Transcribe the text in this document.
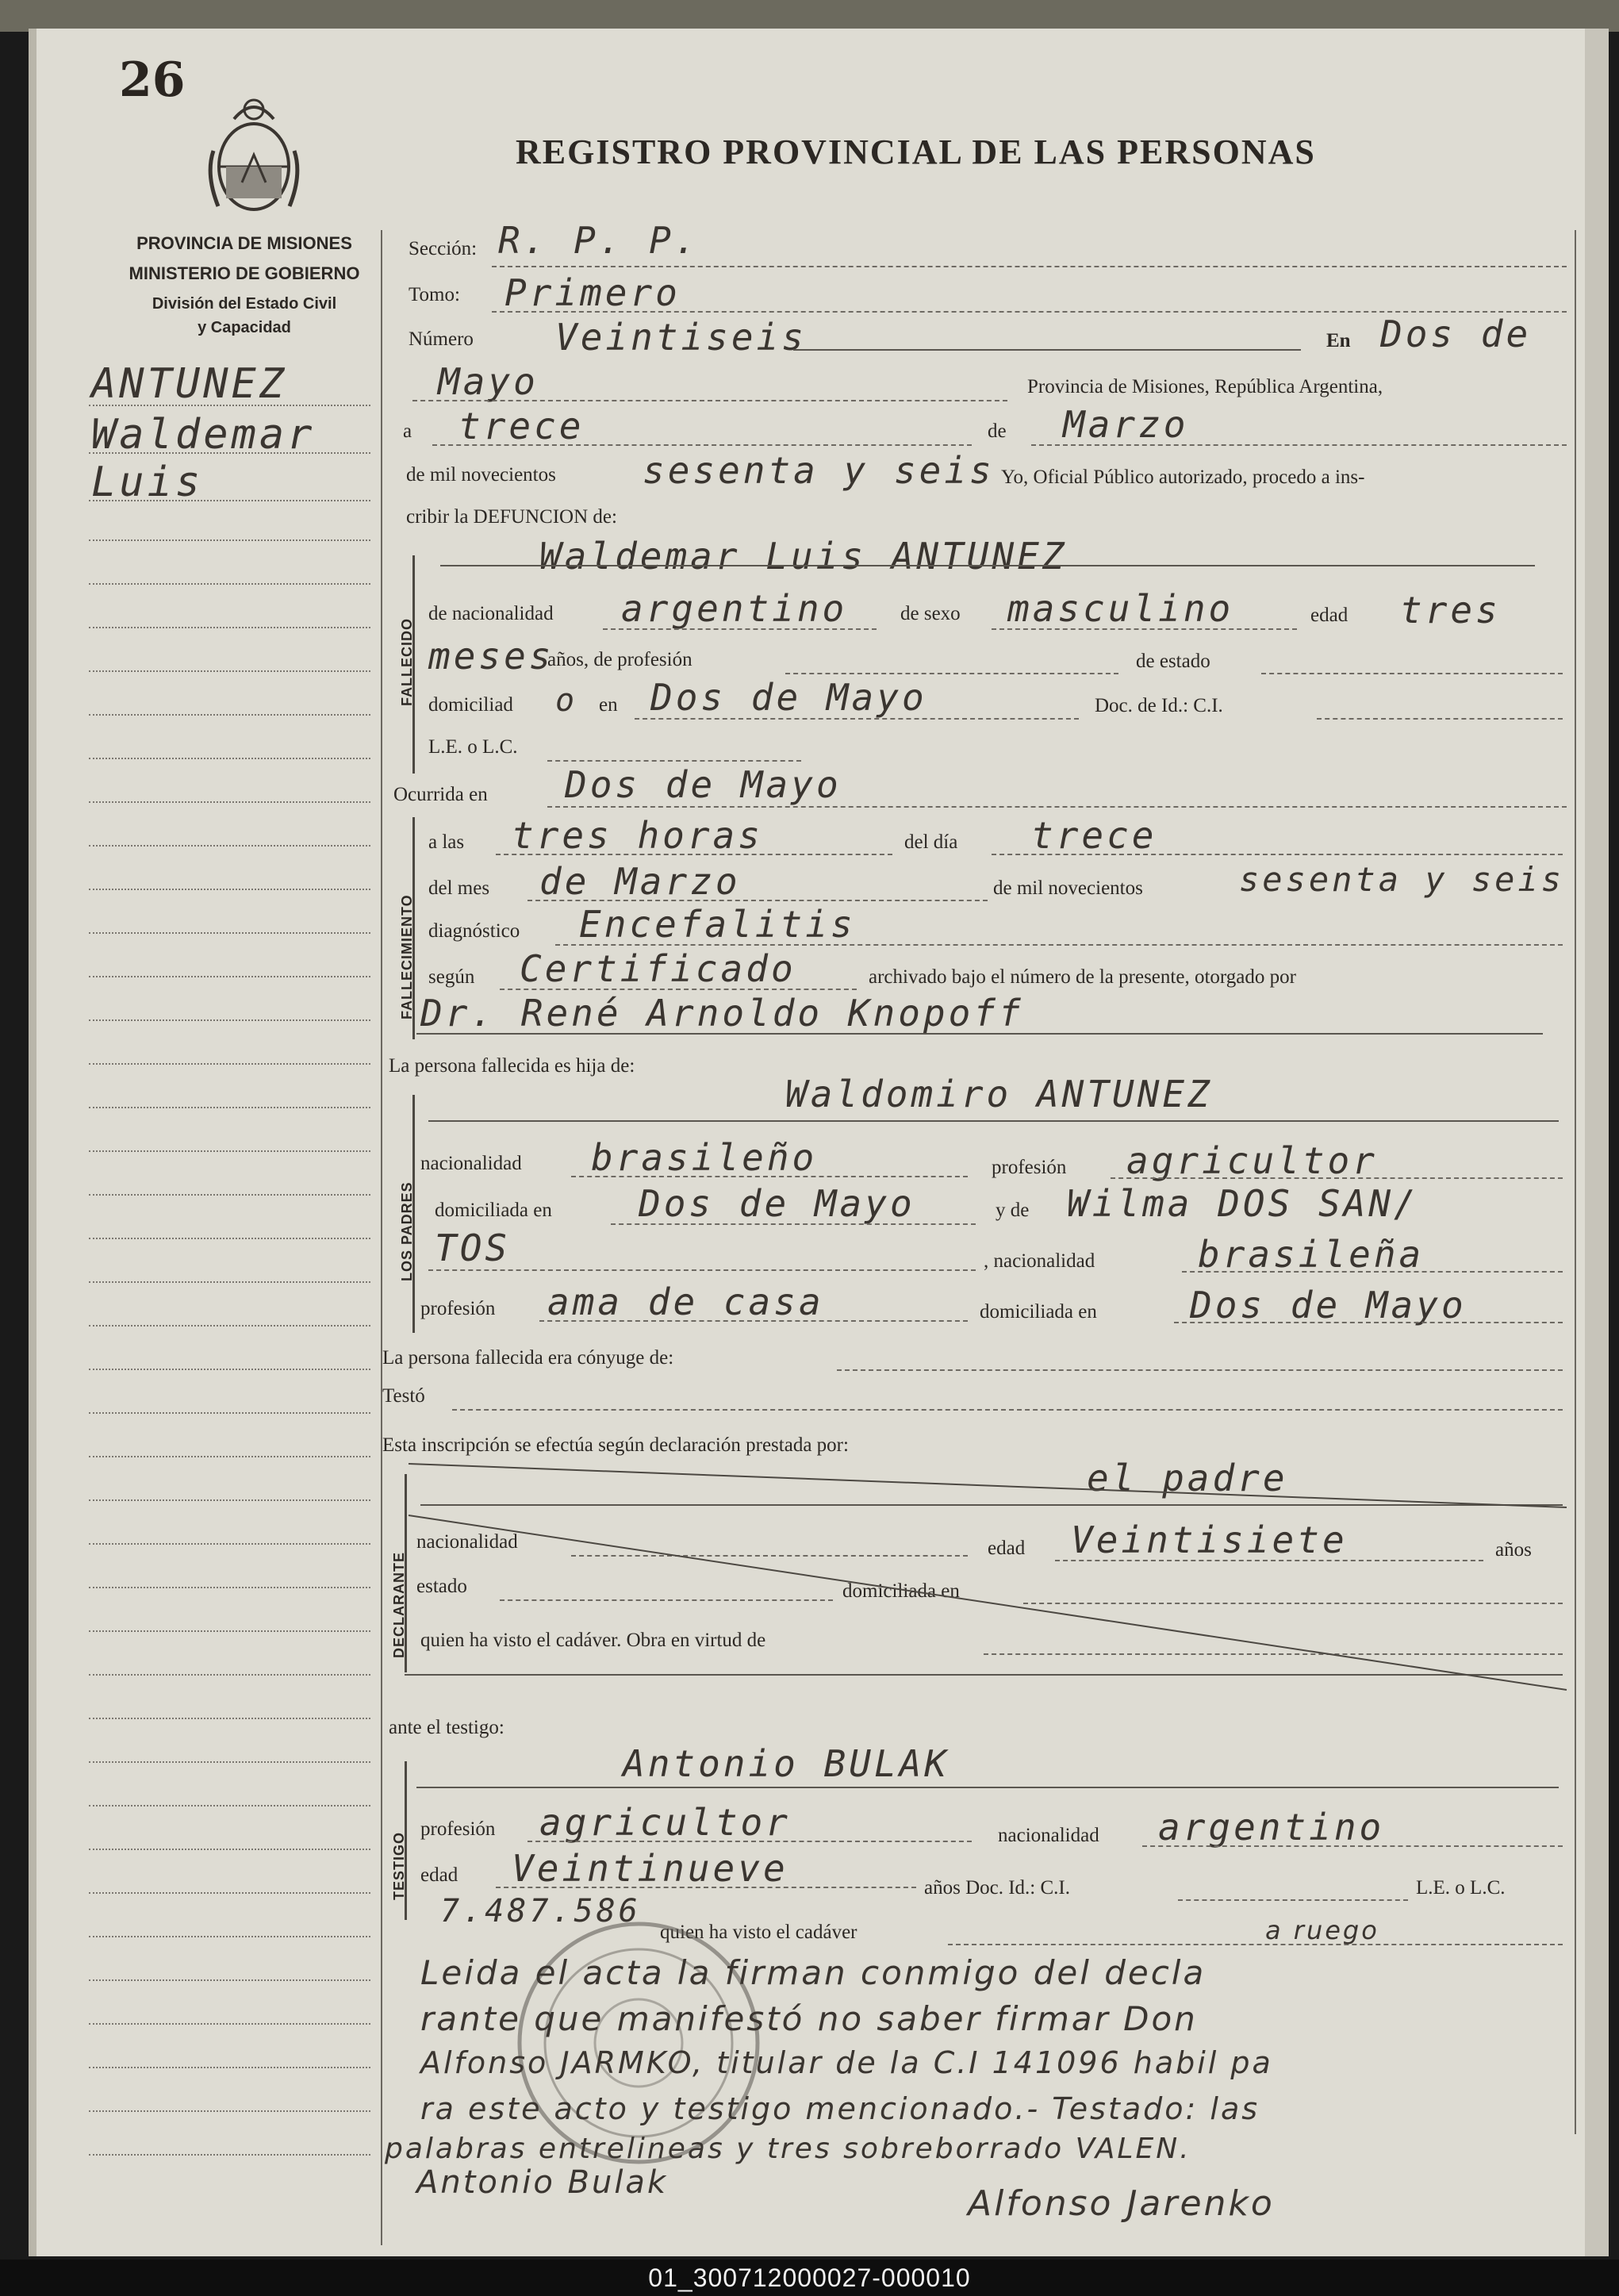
26
REGISTRO PROVINCIAL DE LAS PERSONAS
PROVINCIA DE MISIONES
MINISTERIO DE GOBIERNO
División del Estado Civil
y Capacidad
ANTUNEZ
Waldemar
Luis
Sección: R. P. P.
Tomo: Primero
Número Veintiseis	En Dos de
Mayo	Provincia de Misiones, República Argentina,
a trece	de Marzo
de mil novecientos sesenta y seis Yo, Oficial Público autorizado, procedo a ins-
cribir la DEFUNCION de:
FALLECIDO
Waldemar Luis ANTUNEZ
de nacionalidad argentino	de sexo masculino	edad tres
meses
años, de profesión	de estado
domiciliad o en Dos de Mayo	Doc. de Id.: C.I.
L.E. o L.C.
Ocurrida en Dos de Mayo
FALLECIMIENTO
a las tres horas	del día trece
del mes de Marzo	de mil novecientos	sesenta y seis
diagnóstico Encefalitis
según Certificado	archivado bajo el número de la presente, otorgado por
Dr. René Arnoldo Knopoff
La persona fallecida es hija de:
LOS PADRES
Waldomiro ANTUNEZ
nacionalidad brasileño	profesión agricultor
domiciliada en Dos de Mayo	y de Wilma DOS SAN/
TOS	, nacionalidad	brasileña
profesión ama de casa	domiciliada en	Dos de Mayo
La persona fallecida era cónyuge de:
Testó
Esta inscripción se efectúa según declaración prestada por:
DECLARANTE
el padre
nacionalidad	edad Veintisiete	años
estado	domiciliada en
quien ha visto el cadáver. Obra en virtud de
ante el testigo:
TESTIGO
Antonio BULAK
profesión agricultor	nacionalidad argentino
edad Veintinueve	años Doc. Id.: C.I.	L.E. o L.C.
7.487.586
quien ha visto el cadáver	a ruego
Leida el acta la firman conmigo del decla
rante que manifestó no saber firmar Don
Alfonso JARMKO, titular de la C.I 141096 habil pa
ra este acto y testigo mencionado.- Testado: las
palabras entrelineas y tres sobreborrado VALEN.
Antonio Bulak
Alfonso Jarenko
01_300712000027-000010
